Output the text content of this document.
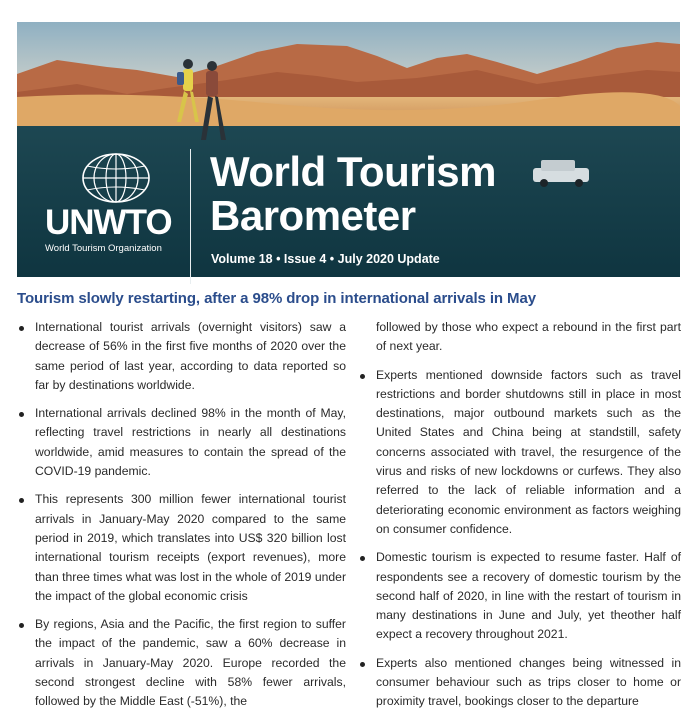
UNWTO
World Tourism Organization
World Tourism
Barometer
Volume 18 • Issue 4 • July 2020 Update
Tourism slowly restarting, after a 98% drop in international arrivals in May
International tourist arrivals (overnight visitors) saw a decrease of 56% in the first five months of 2020 over the same period of last year, according to data reported so far by destinations worldwide.
International arrivals declined 98% in the month of May, reflecting travel restrictions in nearly all destinations worldwide, amid measures to contain the spread of the COVID-19 pandemic.
This represents 300 million fewer international tourist arrivals in January-May 2020 compared to the same period in 2019, which translates into US$ 320 billion lost international tourism receipts (export revenues), more than three times what was lost in the whole of 2019 under the impact of the global economic crisis
By regions, Asia and the Pacific, the first region to suffer the impact of the pandemic, saw a 60% decrease in arrivals in January-May 2020. Europe recorded the second strongest decline with 58% fewer arrivals, followed by the Middle East (-51%), the

followed by those who expect a rebound in the first part of next year.

Experts mentioned downside factors such as travel restrictions and border shutdowns still in place in most destinations, major outbound markets such as the United States and China being at standstill, safety concerns associated with travel, the resurgence of the virus and risks of new lockdowns or curfews. They also referred to the lack of reliable information and a deteriorating economic environment as factors weighing on consumer confidence.
Domestic tourism is expected to resume faster. Half of respondents see a recovery of domestic tourism by the second half of 2020, in line with the restart of tourism in many destinations in June and July, yet theother half expect a recovery throughout 2021.
Experts also mentioned changes being witnessed in consumer behaviour such as trips closer to home or proximity travel, bookings closer to the departure
